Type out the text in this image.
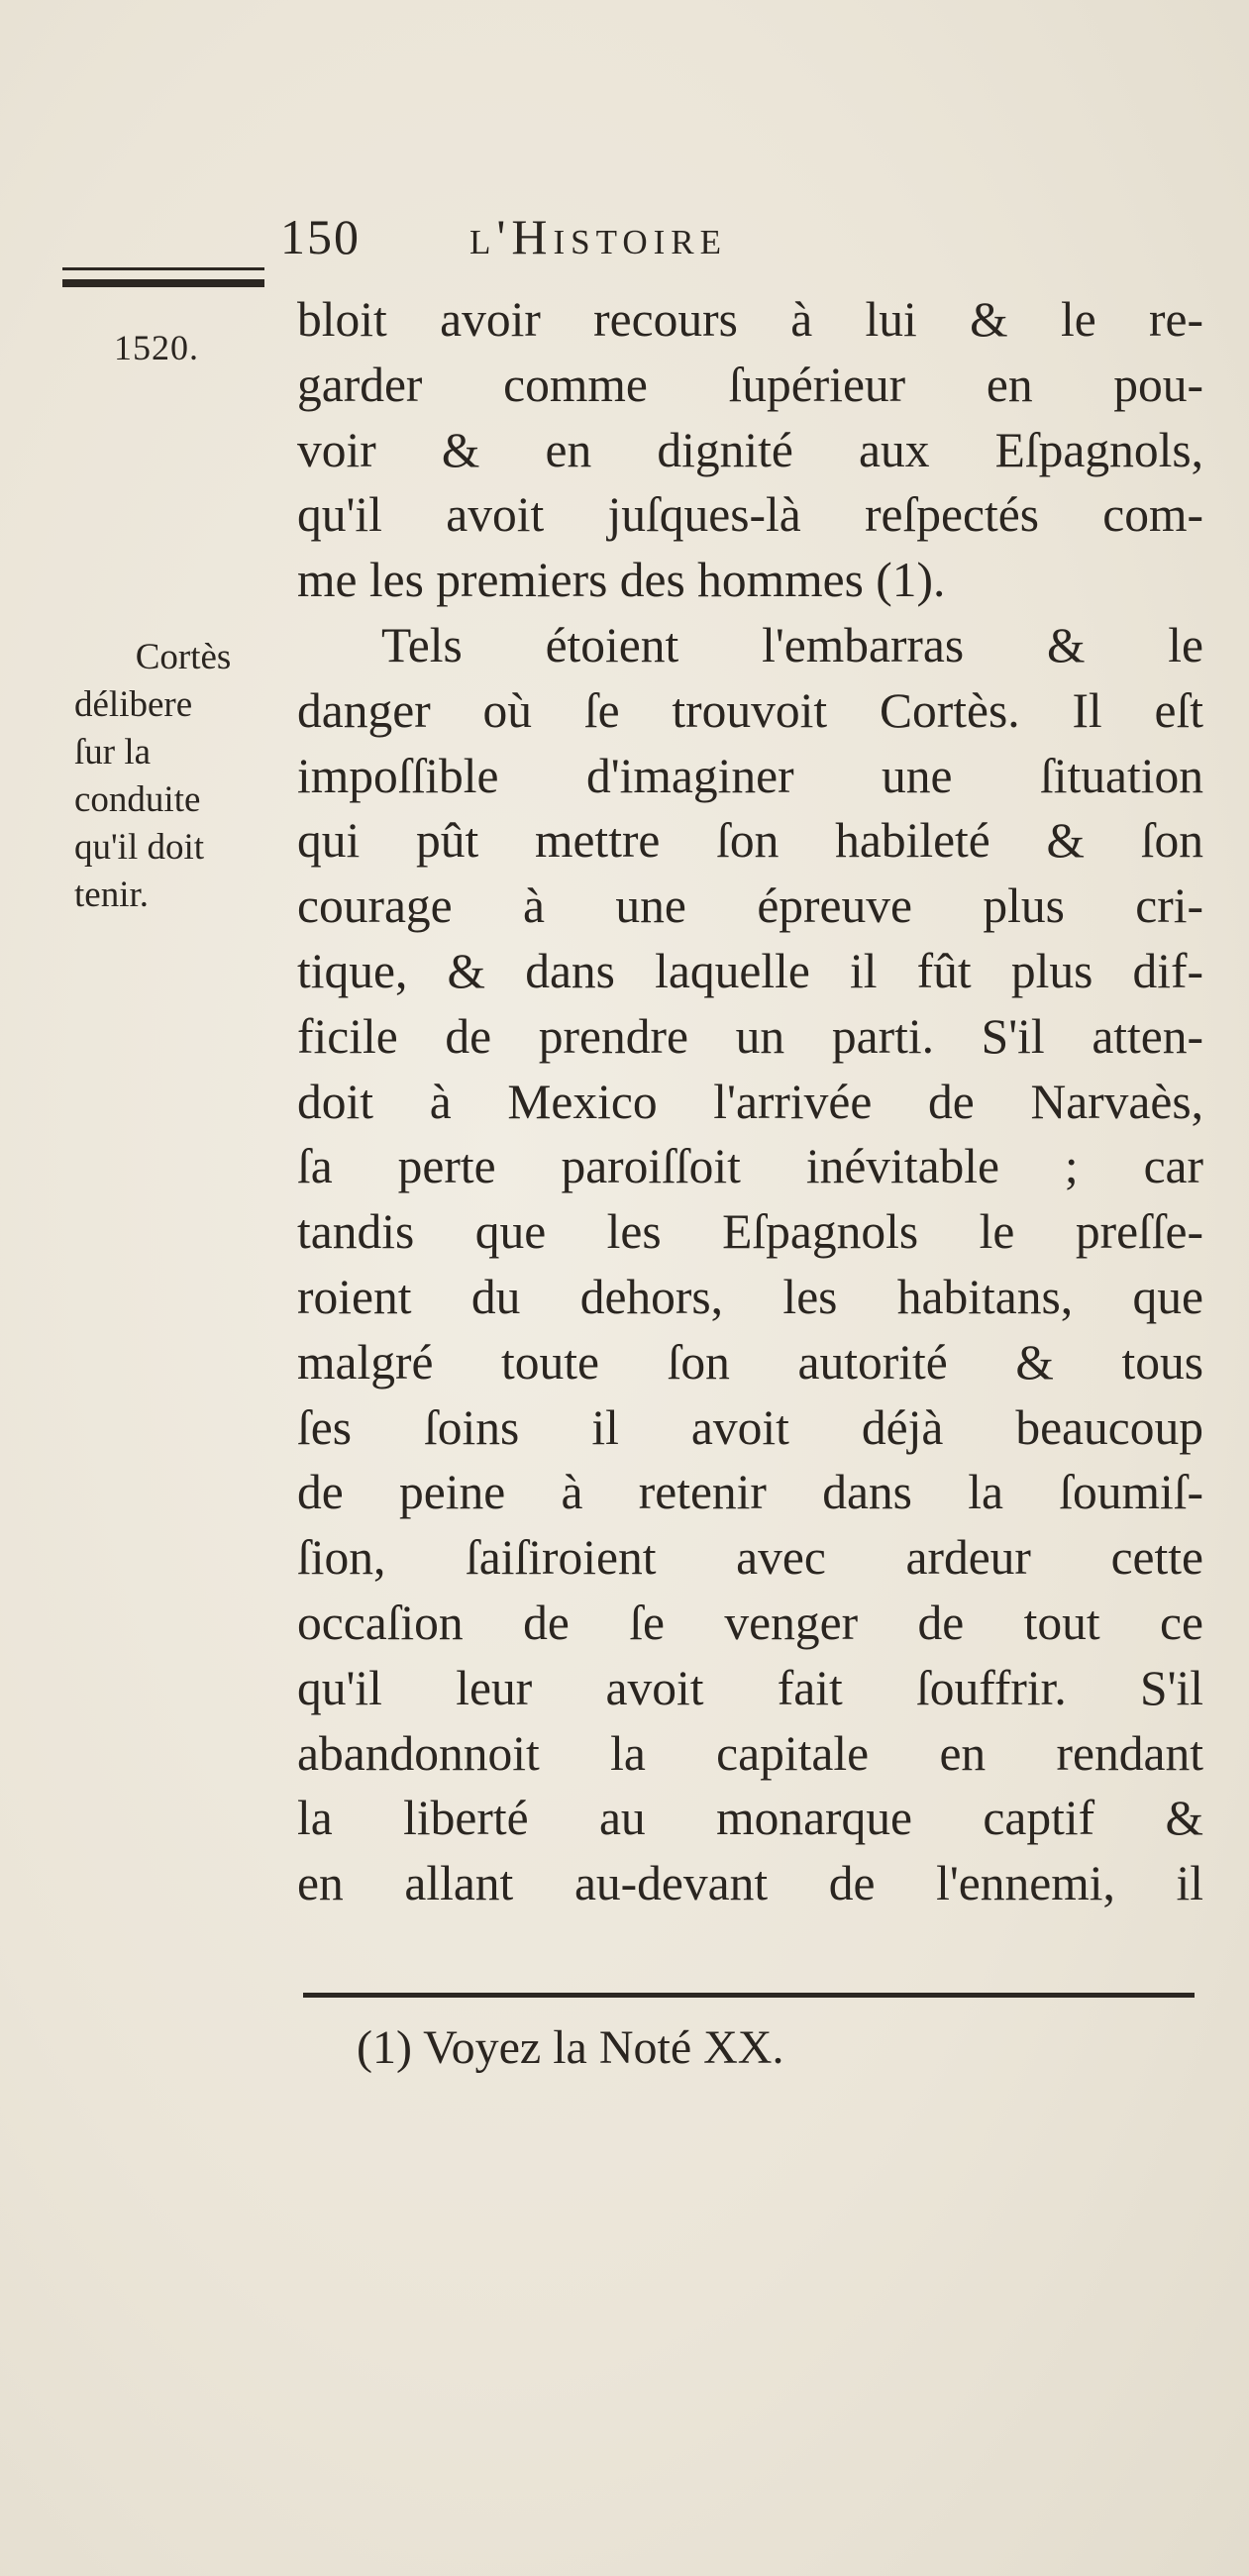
150 l'Histoire
1520.
Cortès
délibere
ſur la
conduite
qu'il doit
tenir.
bloit avoir recours à lui & le re-
garder comme ſupérieur en pou-
voir & en dignité aux Eſpagnols,
qu'il avoit juſques-là reſpectés com-
me les premiers des hommes (1).
Tels étoient l'embarras & le
danger où ſe trouvoit Cortès. Il eſt
impoſſible d'imaginer une ſituation
qui pût mettre ſon habileté & ſon
courage à une épreuve plus cri-
tique, & dans laquelle il fût plus dif-
ficile de prendre un parti. S'il atten-
doit à Mexico l'arrivée de Narvaès,
ſa perte paroiſſoit inévitable ; car
tandis que les Eſpagnols le preſſe-
roient du dehors, les habitans, que
malgré toute ſon autorité & tous
ſes ſoins il avoit déjà beaucoup
de peine à retenir dans la ſoumiſ-
ſion, ſaiſiroient avec ardeur cette
occaſion de ſe venger de tout ce
qu'il leur avoit fait ſouffrir. S'il
abandonnoit la capitale en rendant
la liberté au monarque captif &
en allant au-devant de l'ennemi, il
(1) Voyez la Noté XX.
